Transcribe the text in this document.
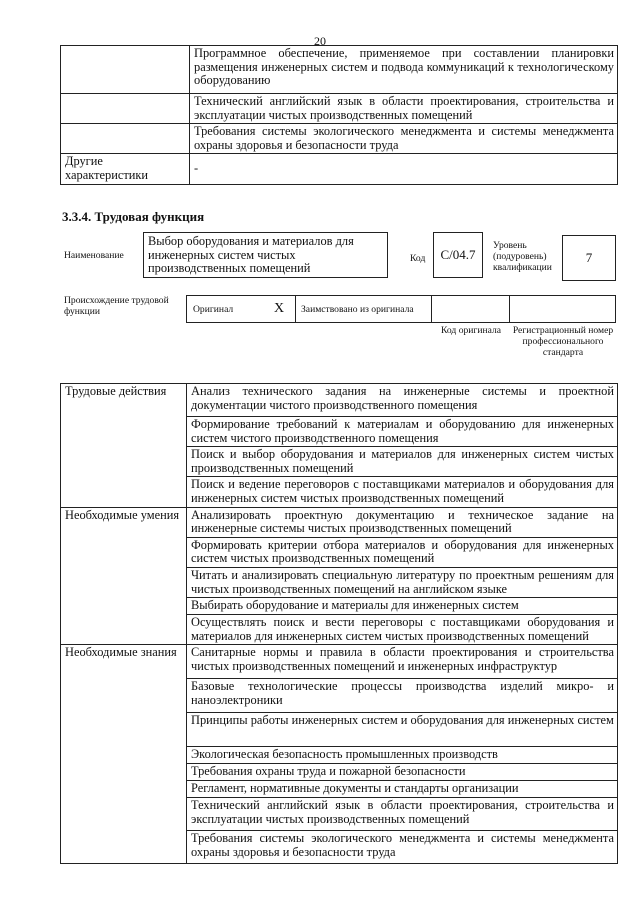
20
	Программное обеспечение, применяемое при составлении планировки размещения инженерных систем и подвода коммуникаций к технологическому оборудованию
	Технический английский язык в области проектирования, строительства и эксплуатации чистых производственных помещений
	Требования системы экологического менеджмента и системы менеджмента охраны здоровья и безопасности труда
Другие характеристики	-
3.3.4. Трудовая функция
Наименование
Выбор оборудования и материалов для инженерных систем чистых производственных помещений
Код	C/04.7
Уровень (подуровень) квалификации
7
Происхождение трудовой функции	Оригинал	X Заимствовано из оригинала
Код оригинала	Регистрационный номер профессионального стандарта
Трудовые действия	Анализ технического задания на инженерные системы и проектной документации чистого производственного помещения
	Формирование требований к материалам и оборудованию для инженерных систем чистого производственного помещения
	Поиск и выбор оборудования и материалов для инженерных систем чистых производственных помещений
	Поиск и ведение переговоров с поставщиками материалов и оборудования для инженерных систем чистых производственных помещений
Необходимые умения	Анализировать проектную документацию и техническое задание на инженерные системы чистых производственных помещений
	Формировать критерии отбора материалов и оборудования для инженерных систем чистых производственных помещений
	Читать и анализировать специальную литературу по проектным решениям для чистых производственных помещений на английском языке
	Выбирать оборудование и материалы для инженерных систем
	Осуществлять поиск и вести переговоры с поставщиками оборудования и материалов для инженерных систем чистых производственных помещений
Необходимые знания	Санитарные нормы и правила в области проектирования и строительства чистых производственных помещений и инженерных инфраструктур
	Базовые технологические процессы производства изделий микро- и наноэлектроники
	Принципы работы инженерных систем и оборудования для инженерных систем
	Экологическая безопасность промышленных производств
	Требования охраны труда и пожарной безопасности
	Регламент, нормативные документы и стандарты организации
	Технический английский язык в области проектирования, строительства и эксплуатации чистых производственных помещений
	Требования системы экологического менеджмента и системы менеджмента охраны здоровья и безопасности труда
